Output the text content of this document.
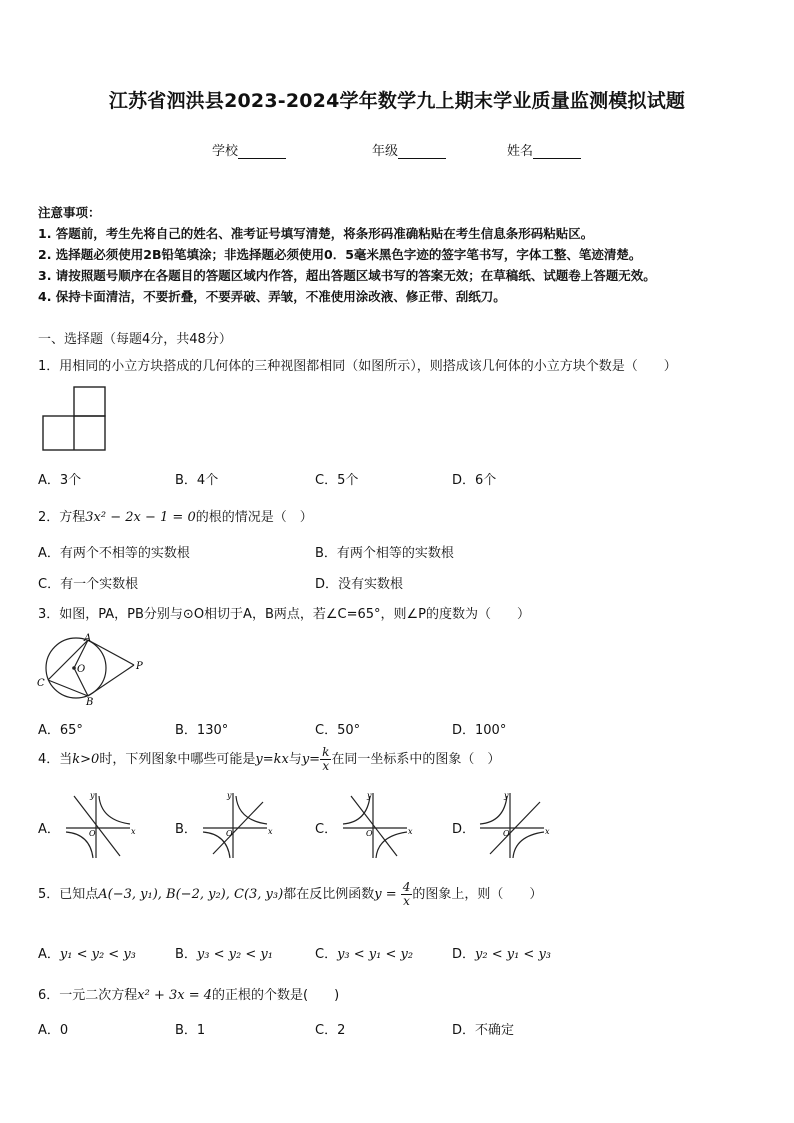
江苏省泗洪县2023-2024学年数学九上期末学业质量监测模拟试题
学校	年级	姓名
注意事项：
1. 答题前，考生先将自己的姓名、准考证号填写清楚，将条形码准确粘贴在考生信息条形码粘贴区。
2. 选择题必须使用2B铅笔填涂；非选择题必须使用0．5毫米黑色字迹的签字笔书写，字体工整、笔迹清楚。
3. 请按照题号顺序在各题目的答题区域内作答，超出答题区域书写的答案无效；在草稿纸、试题卷上答题无效。
4. 保持卡面清洁，不要折叠，不要弄破、弄皱，不准使用涂改液、修正带、刮纸刀。
一、选择题（每题4分，共48分）
1．用相同的小立方块搭成的几何体的三种视图都相同（如图所示），则搭成该几何体的小立方块个数是（　　）
A．3个	B．4个	C．5个	D．6个
2．方程3x² − 2x − 1 = 0的根的情况是（　）
A．有两个不相等的实数根	B．有两个相等的实数根
C．有一个实数根	D．没有实数根
3．如图，PA，PB分别与⊙O相切于A，B两点，若∠C=65°，则∠P的度数为（　　）
A
B
C
O	P
A．65°	B．130°	C．50°	D．100°
4．当k>0时，下列图象中哪些可能是y=kx与$y= \frac{k}{x}$ 在同一坐标系中的图象（　）
A．	x
y
O	B．	x
y
O	C．	x
y
O	D．	x
y
O
5．已知点A(−3, y₁), B(−2, y₂), C(3, y₃)都在反比例函数$y = \frac{4}{x}$ 的图象上，则（　　）
A．y₁ < y₂ < y₃	B．y₃ < y₂ < y₁	C．y₃ < y₁ < y₂	D．y₂ < y₁ < y₃
6．一元二次方程x² + 3x = 4的正根的个数是(　　)
A．0	B．1	C．2	D．不确定
